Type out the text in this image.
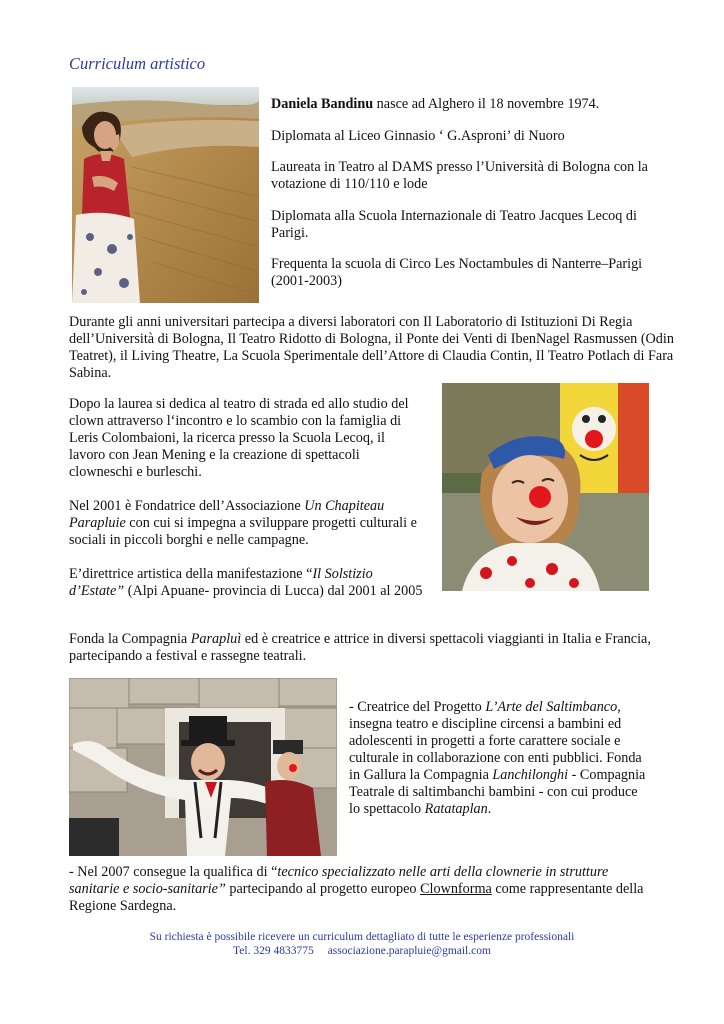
Curriculum artistico

Daniela Bandinu nasce ad Alghero il 18 novembre 1974.

Diplomata al Liceo Ginnasio ‘ G.Asproni’ di Nuoro

Laureata in Teatro al DAMS presso l’Università di Bologna con la votazione di 110/110 e lode

Diplomata alla Scuola Internazionale di Teatro Jacques Lecoq di Parigi.

Frequenta la scuola di Circo Les Noctambules di Nanterre–Parigi (2001-2003)

Durante gli anni universitari partecipa a diversi laboratori con Il Laboratorio di Istituzioni Di Regia dell’Università di Bologna, Il Teatro Ridotto di Bologna, il Ponte dei Venti di IbenNagel Rasmussen (Odin Teatret), il Living Theatre, La Scuola Sperimentale dell’Attore di Claudia Contin, Il Teatro Potlach di Fara Sabina.

Dopo la laurea si dedica al teatro di strada ed allo studio del clown attraverso l‘incontro e lo scambio con la famiglia di Leris Colombaioni, la ricerca presso la Scuola Lecoq, il lavoro con Jean Mening e la creazione di spettacoli clowneschi e burleschi.

Nel 2001 è Fondatrice dell’Associazione Un Chapiteau Parapluie con cui si impegna a sviluppare progetti culturali e sociali in piccoli borghi e nelle campagne.

E’direttrice artistica della manifestazione “Il Solstizio d’Estate” (Alpi Apuane- provincia di Lucca) dal 2001 al 2005

Fonda la Compagnia Parapluì ed è creatrice e attrice in diversi spettacoli viaggianti in Italia e Francia, partecipando a festival e rassegne teatrali.

- Creatrice del Progetto L’Arte del Saltimbanco, insegna teatro e discipline circensi a bambini ed adolescenti in progetti a forte carattere sociale e culturale in collaborazione con enti pubblici. Fonda in Gallura la Compagnia Lanchilonghi - Compagnia Teatrale di saltimbanchi bambini - con cui produce lo spettacolo Ratataplan.

- Nel 2007 consegue la qualifica di “tecnico specializzato nelle arti della clownerie in strutture sanitarie e socio-sanitarie” partecipando al progetto europeo Clownforma come rappresentante della Regione Sardegna.

Su richiesta è possibile ricevere un curriculum dettagliato di tutte le esperienze professionali
Tel. 329 4833775 associazione.parapluie@gmail.com
